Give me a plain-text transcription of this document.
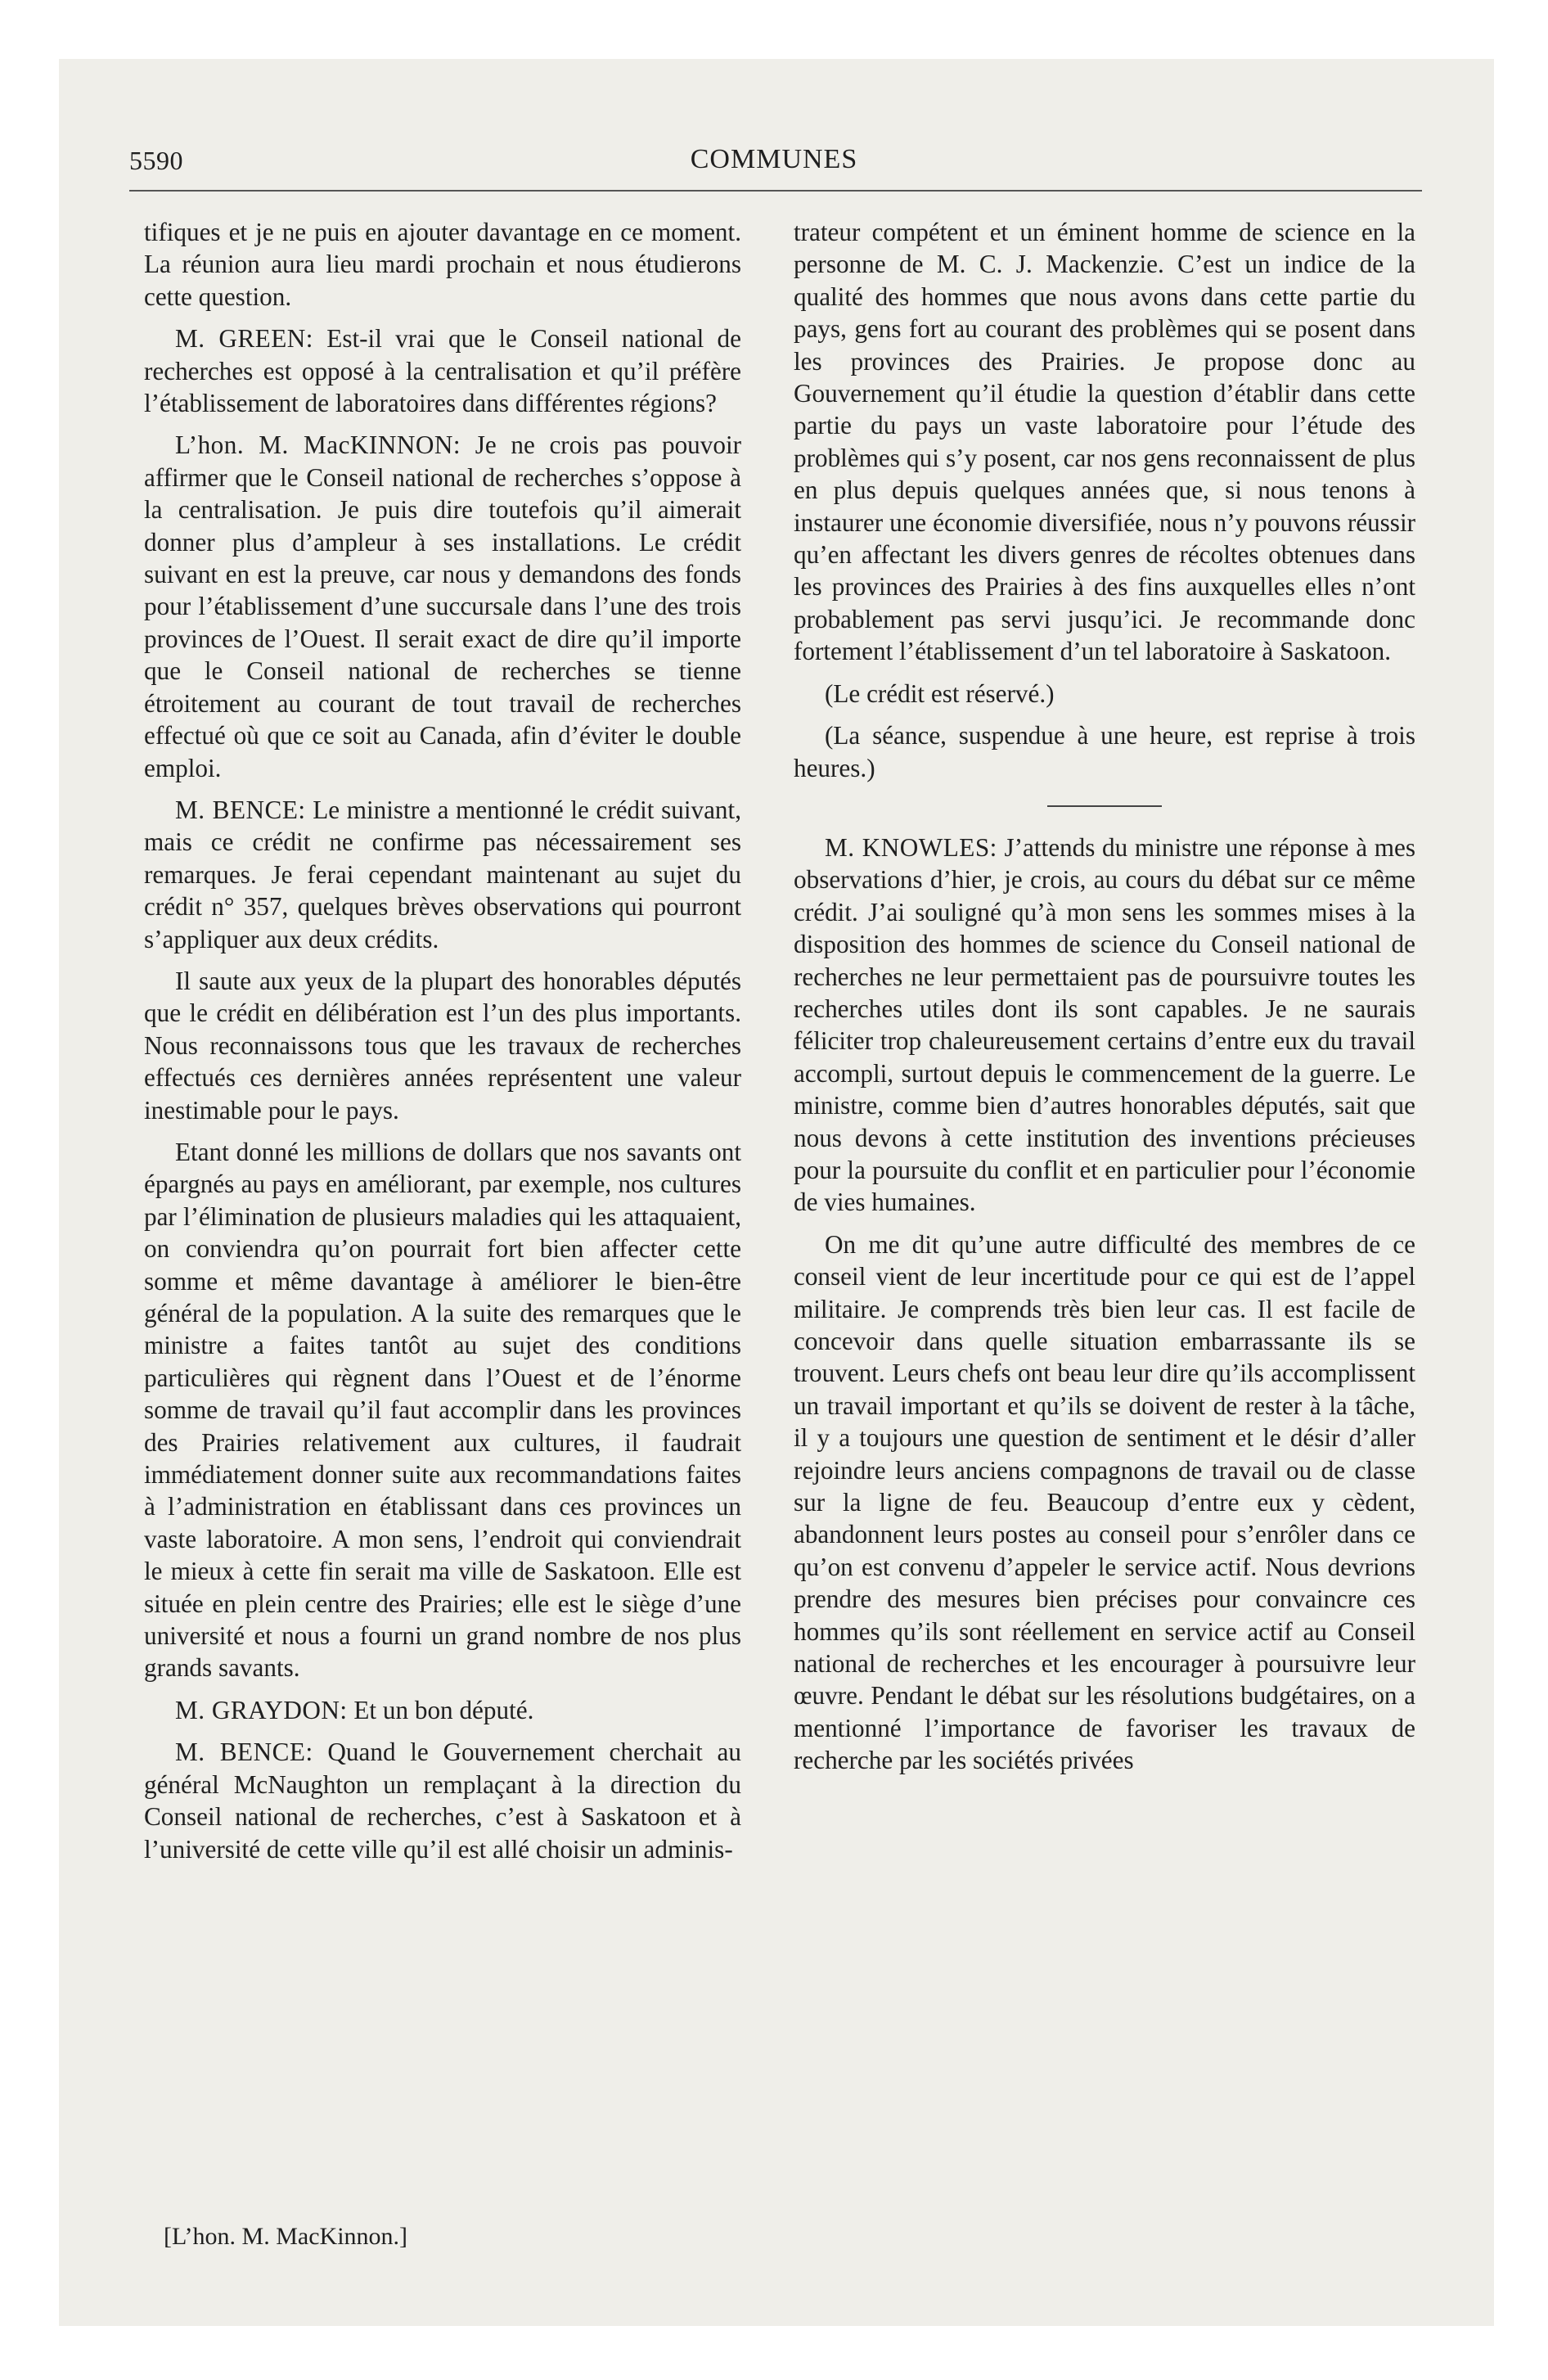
5590	COMMUNES

tifiques et je ne puis en ajouter davantage en ce moment. La réunion aura lieu mardi prochain et nous étudierons cette question.

M. GREEN: Est-il vrai que le Conseil national de recherches est opposé à la centralisation et qu’il préfère l’établissement de laboratoires dans différentes régions?

L’hon. M. MacKINNON: Je ne crois pas pouvoir affirmer que le Conseil national de recherches s’oppose à la centralisation. Je puis dire toutefois qu’il aimerait donner plus d’ampleur à ses installations. Le crédit suivant en est la preuve, car nous y demandons des fonds pour l’établissement d’une succursale dans l’une des trois provinces de l’Ouest. Il serait exact de dire qu’il importe que le Conseil national de recherches se tienne étroitement au courant de tout travail de recherches effectué où que ce soit au Canada, afin d’éviter le double emploi.

M. BENCE: Le ministre a mentionné le crédit suivant, mais ce crédit ne confirme pas nécessairement ses remarques. Je ferai cependant maintenant au sujet du crédit n° 357, quelques brèves observations qui pourront s’appliquer aux deux crédits.

Il saute aux yeux de la plupart des honorables députés que le crédit en délibération est l’un des plus importants. Nous reconnaissons tous que les travaux de recherches effectués ces dernières années représentent une valeur inestimable pour le pays.

Etant donné les millions de dollars que nos savants ont épargnés au pays en améliorant, par exemple, nos cultures par l’élimination de plusieurs maladies qui les attaquaient, on conviendra qu’on pourrait fort bien affecter cette somme et même davantage à améliorer le bien-être général de la population. A la suite des remarques que le ministre a faites tantôt au sujet des conditions particulières qui règnent dans l’Ouest et de l’énorme somme de travail qu’il faut accomplir dans les provinces des Prairies relativement aux cultures, il faudrait immédiatement donner suite aux recommandations faites à l’administration en établissant dans ces provinces un vaste laboratoire. A mon sens, l’endroit qui conviendrait le mieux à cette fin serait ma ville de Saskatoon. Elle est située en plein centre des Prairies; elle est le siège d’une université et nous a fourni un grand nombre de nos plus grands savants.

M. GRAYDON: Et un bon député.

M. BENCE: Quand le Gouvernement cherchait au général McNaughton un remplaçant à la direction du Conseil national de recherches, c’est à Saskatoon et à l’université de cette ville qu’il est allé choisir un adminis-

trateur compétent et un éminent homme de science en la personne de M. C. J. Mackenzie. C’est un indice de la qualité des hommes que nous avons dans cette partie du pays, gens fort au courant des problèmes qui se posent dans les provinces des Prairies. Je propose donc au Gouvernement qu’il étudie la question d’établir dans cette partie du pays un vaste laboratoire pour l’étude des problèmes qui s’y posent, car nos gens reconnaissent de plus en plus depuis quelques années que, si nous tenons à instaurer une économie diversifiée, nous n’y pouvons réussir qu’en affectant les divers genres de récoltes obtenues dans les provinces des Prairies à des fins auxquelles elles n’ont probablement pas servi jusqu’ici. Je recommande donc fortement l’établissement d’un tel laboratoire à Saskatoon.

(Le crédit est réservé.)

(La séance, suspendue à une heure, est reprise à trois heures.)

M. KNOWLES: J’attends du ministre une réponse à mes observations d’hier, je crois, au cours du débat sur ce même crédit. J’ai souligné qu’à mon sens les sommes mises à la disposition des hommes de science du Conseil national de recherches ne leur permettaient pas de poursuivre toutes les recherches utiles dont ils sont capables. Je ne saurais féliciter trop chaleureusement certains d’entre eux du travail accompli, surtout depuis le commencement de la guerre. Le ministre, comme bien d’autres honorables députés, sait que nous devons à cette institution des inventions précieuses pour la poursuite du conflit et en particulier pour l’économie de vies humaines.

On me dit qu’une autre difficulté des membres de ce conseil vient de leur incertitude pour ce qui est de l’appel militaire. Je comprends très bien leur cas. Il est facile de concevoir dans quelle situation embarrassante ils se trouvent. Leurs chefs ont beau leur dire qu’ils accomplissent un travail important et qu’ils se doivent de rester à la tâche, il y a toujours une question de sentiment et le désir d’aller rejoindre leurs anciens compagnons de travail ou de classe sur la ligne de feu. Beaucoup d’entre eux y cèdent, abandonnent leurs postes au conseil pour s’enrôler dans ce qu’on est convenu d’appeler le service actif. Nous devrions prendre des mesures bien précises pour convaincre ces hommes qu’ils sont réellement en service actif au Conseil national de recherches et les encourager à poursuivre leur œuvre. Pendant le débat sur les résolutions budgétaires, on a mentionné l’importance de favoriser les travaux de recherche par les sociétés privées

[L’hon. M. MacKinnon.]
